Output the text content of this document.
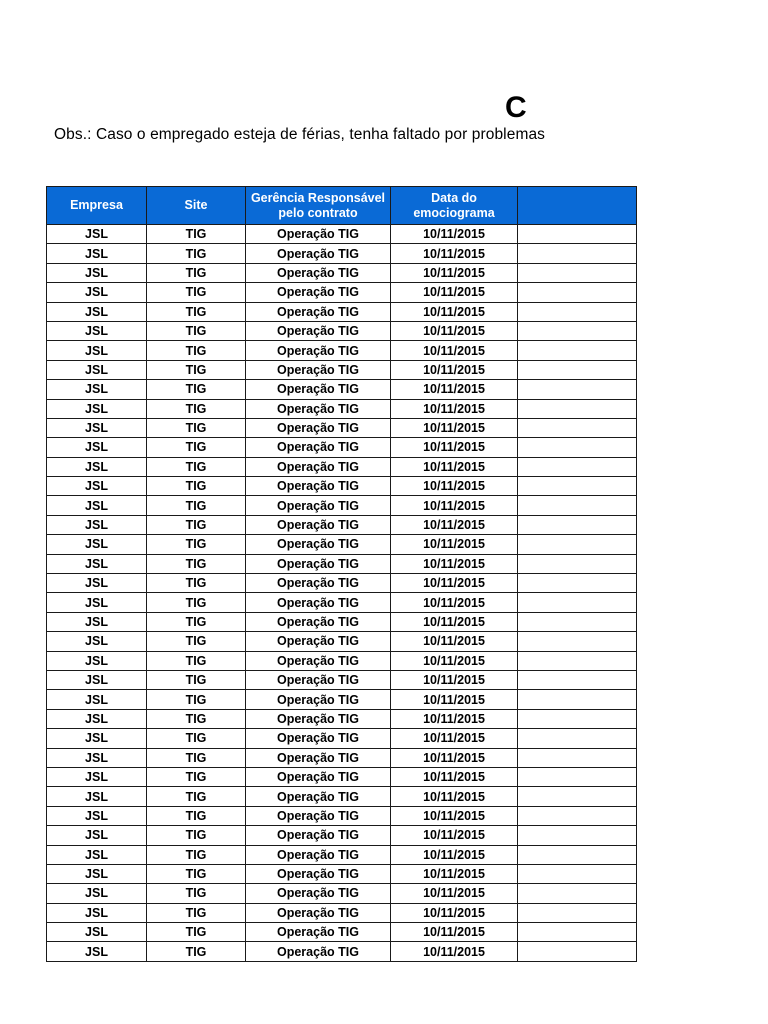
C
Obs.: Caso o empregado esteja de férias, tenha faltado por problemas
Empresa	Site	Gerência Responsável pelo contrato	Data do emociograma	
JSL	TIG	Operação TIG	10/11/2015	
JSL	TIG	Operação TIG	10/11/2015	
JSL	TIG	Operação TIG	10/11/2015	
JSL	TIG	Operação TIG	10/11/2015	
JSL	TIG	Operação TIG	10/11/2015	
JSL	TIG	Operação TIG	10/11/2015	
JSL	TIG	Operação TIG	10/11/2015	
JSL	TIG	Operação TIG	10/11/2015	
JSL	TIG	Operação TIG	10/11/2015	
JSL	TIG	Operação TIG	10/11/2015	
JSL	TIG	Operação TIG	10/11/2015	
JSL	TIG	Operação TIG	10/11/2015	
JSL	TIG	Operação TIG	10/11/2015	
JSL	TIG	Operação TIG	10/11/2015	
JSL	TIG	Operação TIG	10/11/2015	
JSL	TIG	Operação TIG	10/11/2015	
JSL	TIG	Operação TIG	10/11/2015	
JSL	TIG	Operação TIG	10/11/2015	
JSL	TIG	Operação TIG	10/11/2015	
JSL	TIG	Operação TIG	10/11/2015	
JSL	TIG	Operação TIG	10/11/2015	
JSL	TIG	Operação TIG	10/11/2015	
JSL	TIG	Operação TIG	10/11/2015	
JSL	TIG	Operação TIG	10/11/2015	
JSL	TIG	Operação TIG	10/11/2015	
JSL	TIG	Operação TIG	10/11/2015	
JSL	TIG	Operação TIG	10/11/2015	
JSL	TIG	Operação TIG	10/11/2015	
JSL	TIG	Operação TIG	10/11/2015	
JSL	TIG	Operação TIG	10/11/2015	
JSL	TIG	Operação TIG	10/11/2015	
JSL	TIG	Operação TIG	10/11/2015	
JSL	TIG	Operação TIG	10/11/2015	
JSL	TIG	Operação TIG	10/11/2015	
JSL	TIG	Operação TIG	10/11/2015	
JSL	TIG	Operação TIG	10/11/2015	
JSL	TIG	Operação TIG	10/11/2015	
JSL	TIG	Operação TIG	10/11/2015	
